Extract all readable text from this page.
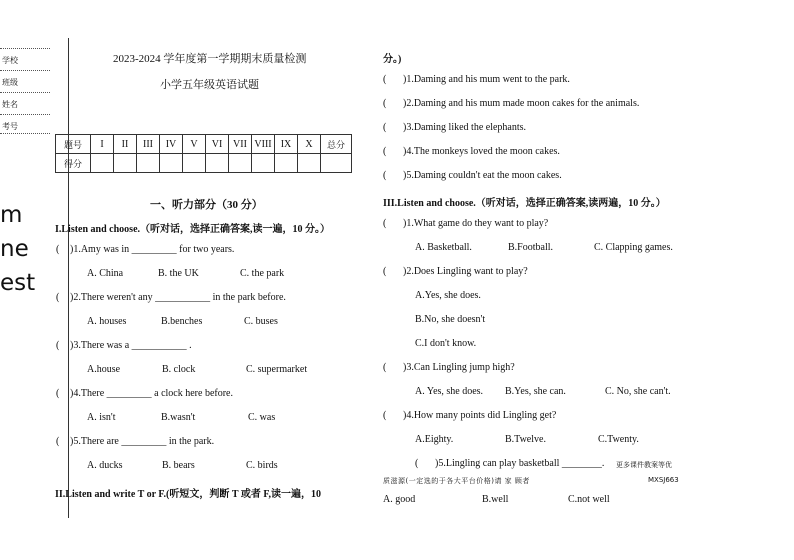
学校
班级
姓名
考号
m
ne
est
2023-2024 学年度第一学期期末质量检测
小学五年级英语试题
题号	I	II	III	IV	V	VI	VII	VIII	IX	X	总分
得分											
一、听力部分（30 分）
I.Listen and choose.（听对话，选择正确答案,读一遍，10 分。）
( )1.Amy was in _________ for two years.
A. China	B. the UK	C. the park
( )2.There weren't any ___________ in the park before.
A. houses	B.benches	C. buses
( )3.There was a ___________ .
A.house	B. clock	C. supermarket
( )4.There _________ a clock here before.
A. isn't	B.wasn't	C. was
( )5.There are _________ in the park.
A. ducks	B. bears	C. birds
II.Listen and write T or F.(听短文，判断 T 或者 F,读一遍，10
分。)
( )1.Daming and his mum went to the park.
( )2.Daming and his mum made moon cakes for the animals.
( )3.Daming liked the elephants.
( )4.The monkeys loved the moon cakes.
( )5.Daming couldn't eat the moon cakes.
III.Listen and choose.（听对话，选择正确答案,读两遍，10 分。）
( )1.What game do they want to play?
A. Basketball.	B.Football.	C. Clapping games.
( )2.Does Lingling want to play?
A.Yes, she does.
B.No, she doesn't
C.I don't know.
( )3.Can Lingling jump high?
A. Yes, she does. B.Yes, she can.	C. No, she can't.
( )4.How many points did Lingling get?
A.Eighty.	B.Twelve.	C.Twenty.
( )5.Lingling can play basketball ________. 更多课件教案等优
质滋源(一定选的于各大平台价格)请 家 顾者	MXSJ663
A. good	B.well	C.not well
